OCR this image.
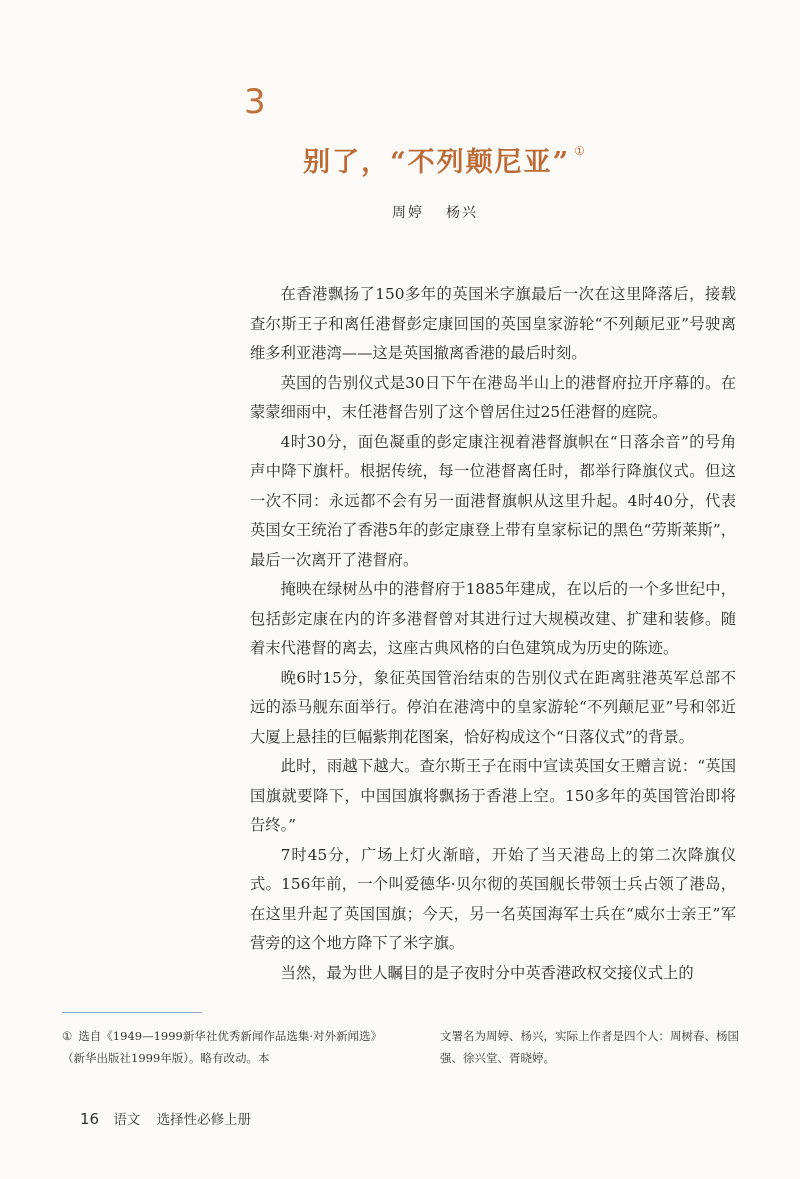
3
别了，“不列颠尼亚” ①
周婷 杨兴

在香港飘扬了150多年的英国米字旗最后一次在这里降落后，接载查尔斯王子和离任港督彭定康回国的英国皇家游轮“不列颠尼亚”号驶离维多利亚港湾——这是英国撤离香港的最后时刻。

英国的告别仪式是30日下午在港岛半山上的港督府拉开序幕的。在蒙蒙细雨中，末任港督告别了这个曾居住过25任港督的庭院。

4时30分，面色凝重的彭定康注视着港督旗帜在“日落余音”的号角声中降下旗杆。根据传统，每一位港督离任时，都举行降旗仪式。但这一次不同：永远都不会有另一面港督旗帜从这里升起。4时40分，代表英国女王统治了香港5年的彭定康登上带有皇家标记的黑色“劳斯莱斯”，最后一次离开了港督府。

掩映在绿树丛中的港督府于1885年建成，在以后的一个多世纪中，包括彭定康在内的许多港督曾对其进行过大规模改建、扩建和装修。随着末代港督的离去，这座古典风格的白色建筑成为历史的陈迹。

晚6时15分，象征英国管治结束的告别仪式在距离驻港英军总部不远的添马舰东面举行。停泊在港湾中的皇家游轮“不列颠尼亚”号和邻近大厦上悬挂的巨幅紫荆花图案，恰好构成这个“日落仪式”的背景。

此时，雨越下越大。查尔斯王子在雨中宣读英国女王赠言说：“英国国旗就要降下，中国国旗将飘扬于香港上空。150多年的英国管治即将告终。”

7时45分，广场上灯火渐暗，开始了当天港岛上的第二次降旗仪式。156年前，一个叫爱德华·贝尔彻的英国舰长带领士兵占领了港岛，在这里升起了英国国旗；今天，另一名英国海军士兵在“威尔士亲王”军营旁的这个地方降下了米字旗。

当然，最为世人瞩目的是子夜时分中英香港政权交接仪式上的

① 选自《1949—1999新华社优秀新闻作品选集·对外新闻选》（新华出版社1999年版）。略有改动。本
文署名为周婷、杨兴，实际上作者是四个人：周树春、杨国强、徐兴堂、胥晓婷。
16 语文 选择性必修上册
